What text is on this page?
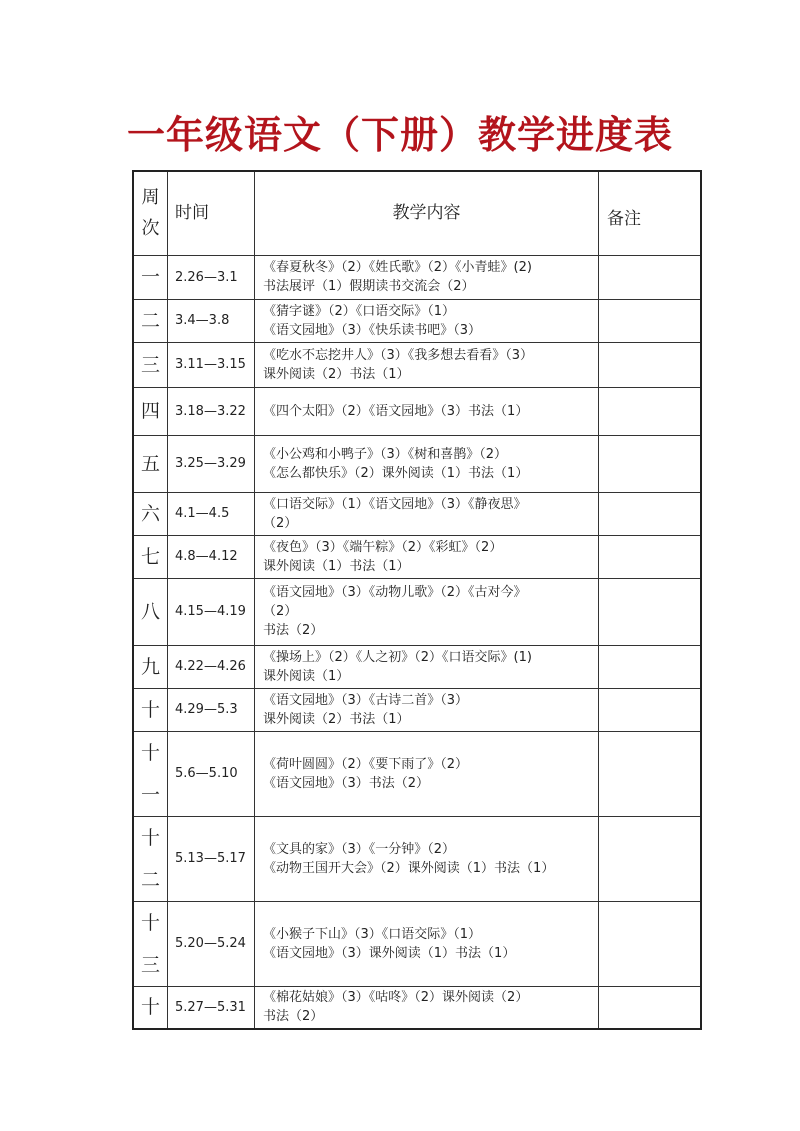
一年级语文（下册）教学进度表
周
次	时间	教学内容	备注

一	2.26—3.1	《春夏秋冬》（2）《姓氏歌》（2）《小青蛙》(2)
书法展评（1）假期读书交流会（2）	

二	3.4—3.8	《猜字谜》（2）《口语交际》（1）
《语文园地》（3）《快乐读书吧》（3）	

三	3.11—3.15	《吃水不忘挖井人》（3）《我多想去看看》（3）
课外阅读（2）书法（1）	

四	3.18—3.22	《四个太阳》（2）《语文园地》（3）书法（1）	

五	3.25—3.29	《小公鸡和小鸭子》（3）《树和喜鹊》（2）
《怎么都快乐》（2）课外阅读（1）书法（1）	

六	4.1—4.5	《口语交际》（1）《语文园地》（3）《静夜思》
（2）	

七	4.8—4.12	《夜色》（3）《端午粽》（2）《彩虹》（2）
课外阅读（1）书法（1）	

八	4.15—4.19	《语文园地》（3）《动物儿歌》（2）《古对今》
（2）
书法（2）	

九	4.22—4.26	《操场上》（2）《人之初》（2）《口语交际》(1)
课外阅读（1）	

十	4.29—5.3	《语文园地》（3）《古诗二首》（3）
课外阅读（2）书法（1）	

十
一	5.6—5.10	《荷叶圆圆》（2）《要下雨了》（2）
《语文园地》（3）书法（2）	

十
二	5.13—5.17	《文具的家》（3）《一分钟》（2）
《动物王国开大会》（2）课外阅读（1）书法（1）	

十
三	5.20—5.24	《小猴子下山》（3）《口语交际》（1）
《语文园地》（3）课外阅读（1）书法（1）	

十	5.27—5.31	《棉花姑娘》（3）《咕咚》（2）课外阅读（2）
书法（2）	
